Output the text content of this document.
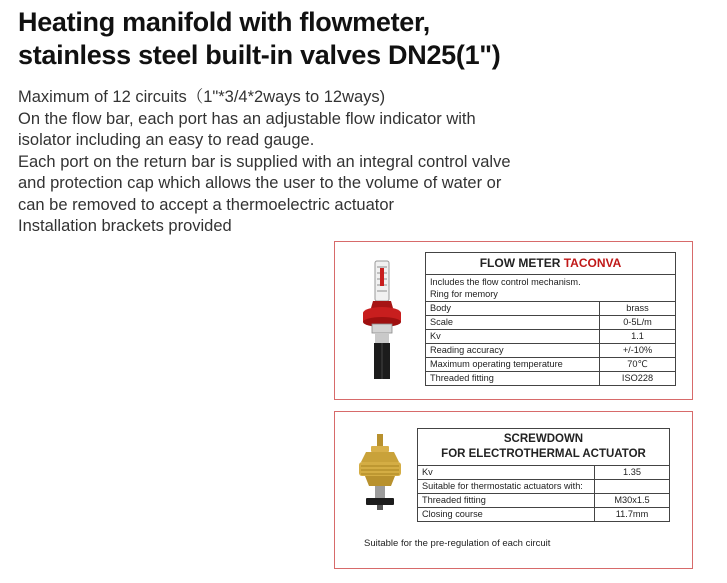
Heating manifold with flowmeter,
stainless steel built-in valves DN25(1")
Maximum of 12 circuits（1"*3/4*2ways to 12ways)
On the flow bar, each port has an adjustable flow indicator with
isolator including an easy to read gauge.
Each port on the return bar is supplied with an integral control valve
and protection cap which allows the user to the volume of water or
can be removed to accept a thermoelectric actuator
Installation brackets provided
FLOW METER TACONVA	
Includes the flow control mechanism.
Ring for memory	
Body	brass
Scale	0-5L/m
Kv	1.1
Reading accuracy	+/-10%
Maximum operating temperature	70℃
Threaded fitting	ISO228
SCREWDOWN
FOR ELECTROTHERMAL ACTUATOR	
Kv	1.35
Suitable for thermostatic actuators with:	
Threaded fitting	M30x1.5
Closing course	11.7mm
Suitable for the pre-regulation of each circuit
